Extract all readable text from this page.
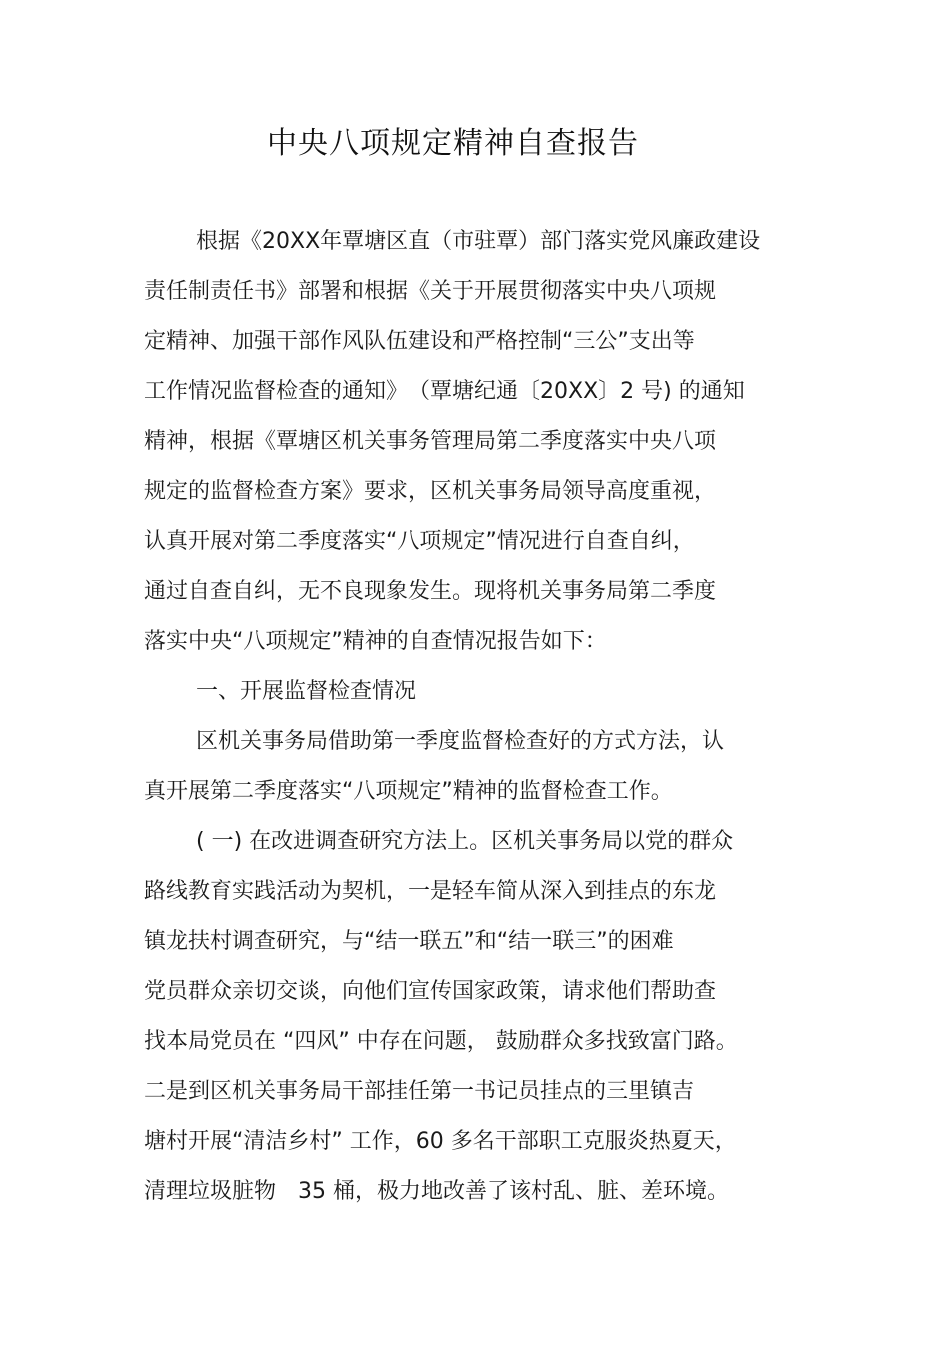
中央八项规定精神自查报告
根据《20XX年覃塘区直（市驻覃）部门落实党风廉政建设
责任制责任书》部署和根据《关于开展贯彻落实中央八项规
定精神、加强干部作风队伍建设和严格控制“三公”支出等
工作情况监督检查的通知》　（覃塘纪通〔20XX〕2 号) 的通知
精神，根据《覃塘区机关事务管理局第二季度落实中央八项
规定的监督检查方案》要求，区机关事务局领导高度重视，
认真开展对第二季度落实“八项规定”情况进行自查自纠，
通过自查自纠，无不良现象发生。现将机关事务局第二季度
落实中央“八项规定”精神的自查情况报告如下：
一、开展监督检查情况
区机关事务局借助第一季度监督检查好的方式方法，认
真开展第二季度落实“八项规定”精神的监督检查工作。
( 一) 在改进调查研究方法上。区机关事务局以党的群众
路线教育实践活动为契机，一是轻车简从深入到挂点的东龙
镇龙扶村调查研究，与“结一联五”和“结一联三”的困难
党员群众亲切交谈，向他们宣传国家政策，请求他们帮助查
找本局党员在 “四风” 中存在问题， 鼓励群众多找致富门路。
二是到区机关事务局干部挂任第一书记员挂点的三里镇吉
塘村开展“清洁乡村” 工作，60 多名干部职工克服炎热夏天，
清理垃圾脏物　35 桶，极力地改善了该村乱、脏、差环境。
